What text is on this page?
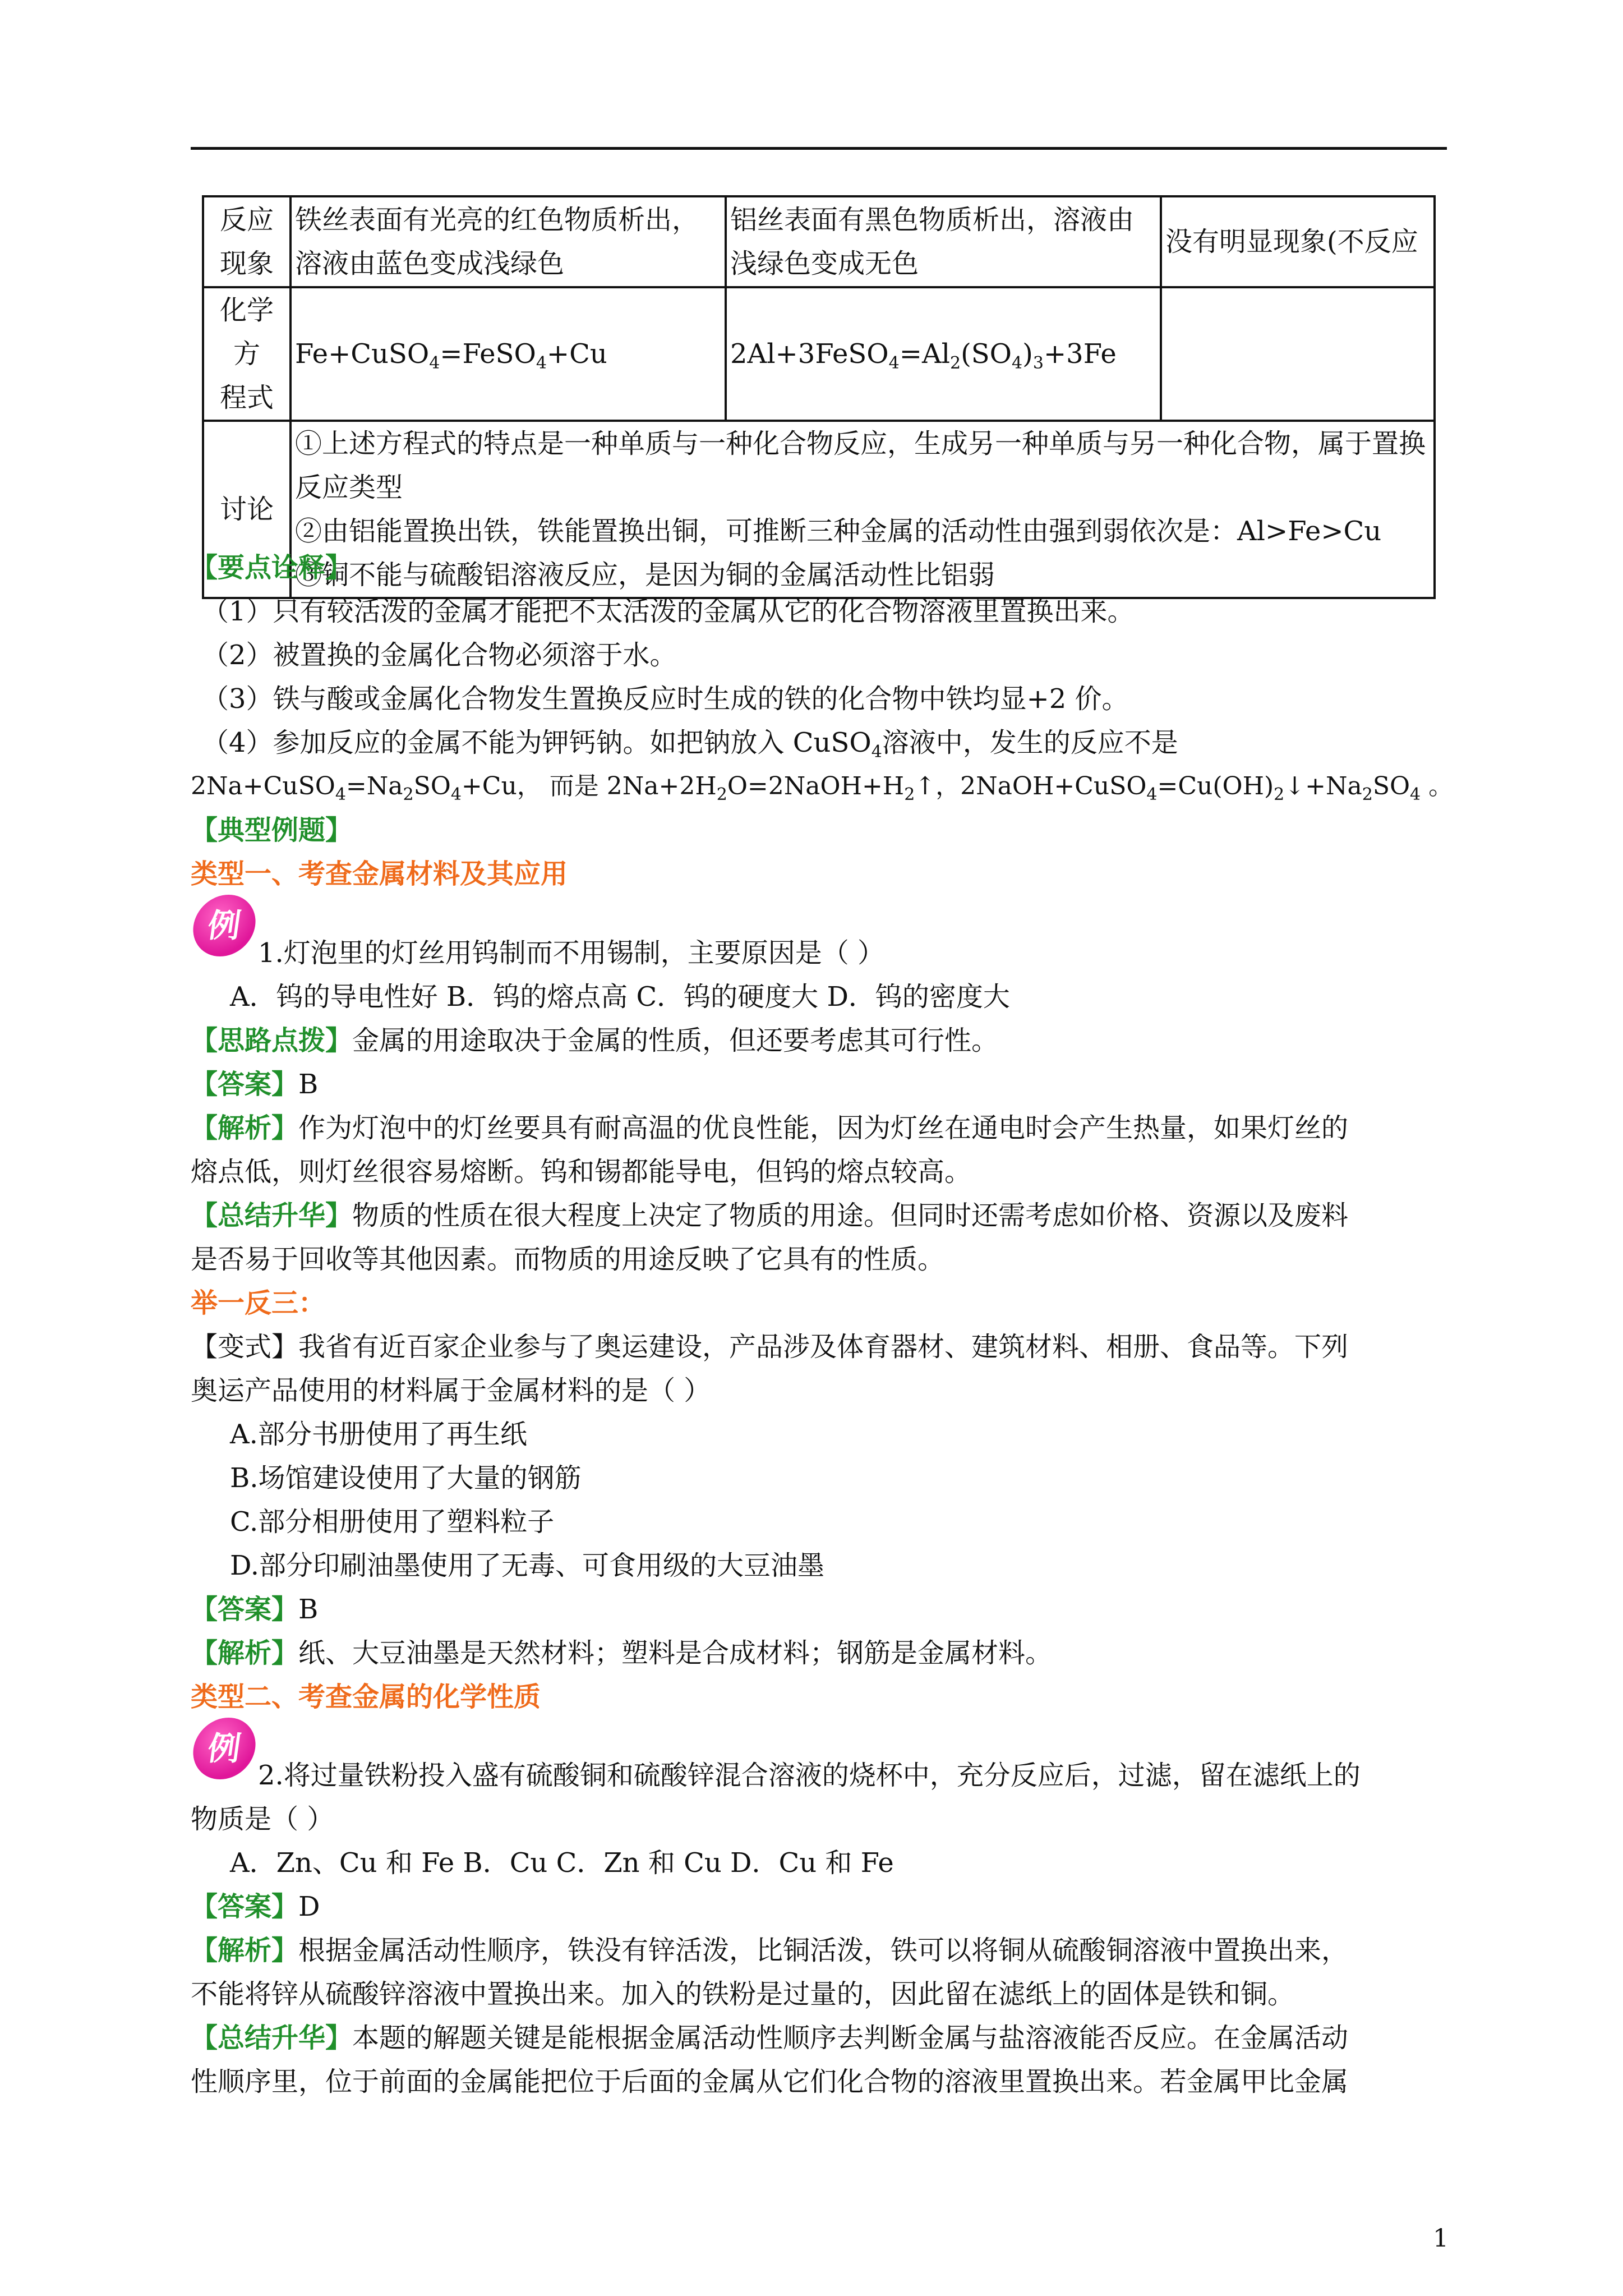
反应
现象	铁丝表面有光亮的红色物质析出，溶液由蓝色变成浅绿色	铝丝表面有黑色物质析出，溶液由浅绿色变成无色	没有明显现象(不反应
化学方
程式	Fe+CuSO$_4$=FeSO$_4$+Cu	$2Al+3FeSO_4=Al_2(SO_4)_3+3Fe$	
讨论	①上述方程式的特点是一种单质与一种化合物反应，生成另一种单质与另一种化合物，属于置换反应类型
②由铝能置换出铁，铁能置换出铜，可推断三种金属的活动性由强到弱依次是：Al>Fe>Cu
③铜不能与硫酸铝溶液反应，是因为铜的金属活动性比铝弱		
【要点诠释】
（1）只有较活泼的金属才能把不太活泼的金属从它的化合物溶液里置换出来。
（2）被置换的金属化合物必须溶于水。
（3）铁与酸或金属化合物发生置换反应时生成的铁的化合物中铁均显+2 价。
（4）参加反应的金属不能为钾钙钠。如把钠放入 CuSO$_4$溶液中，发生的反应不是
$2Na+CuSO_4=Na_2SO_4+Cu$， 而是 $2Na+2H_2O=2NaOH+H_2↑$，$2NaOH+CuSO_4=Cu(OH)_2↓+Na_2SO_4$ 。
【典型例题】
类型一、考查金属材料及其应用
例
1.灯泡里的灯丝用钨制而不用锡制，主要原因是（ ）
A．钨的导电性好 B．钨的熔点高 C．钨的硬度大 D．钨的密度大
【思路点拨】金属的用途取决于金属的性质，但还要考虑其可行性。
【答案】B
【解析】作为灯泡中的灯丝要具有耐高温的优良性能，因为灯丝在通电时会产生热量，如果灯丝的
熔点低，则灯丝很容易熔断。钨和锡都能导电，但钨的熔点较高。
【总结升华】物质的性质在很大程度上决定了物质的用途。但同时还需考虑如价格、资源以及废料
是否易于回收等其他因素。而物质的用途反映了它具有的性质。
举一反三：
【变式】我省有近百家企业参与了奥运建设，产品涉及体育器材、建筑材料、相册、食品等。下列
奥运产品使用的材料属于金属材料的是（ ）
A.部分书册使用了再生纸
B.场馆建设使用了大量的钢筋
C.部分相册使用了塑料粒子
D.部分印刷油墨使用了无毒、可食用级的大豆油墨
【答案】B
【解析】纸、大豆油墨是天然材料；塑料是合成材料；钢筋是金属材料。
类型二、考查金属的化学性质
例
2.将过量铁粉投入盛有硫酸铜和硫酸锌混合溶液的烧杯中，充分反应后，过滤，留在滤纸上的
物质是（ ）
A．Zn、Cu 和 Fe B．Cu C．Zn 和 Cu D．Cu 和 Fe
【答案】D
【解析】根据金属活动性顺序，铁没有锌活泼，比铜活泼，铁可以将铜从硫酸铜溶液中置换出来，
不能将锌从硫酸锌溶液中置换出来。加入的铁粉是过量的，因此留在滤纸上的固体是铁和铜。
【总结升华】本题的解题关键是能根据金属活动性顺序去判断金属与盐溶液能否反应。在金属活动
性顺序里，位于前面的金属能把位于后面的金属从它们化合物的溶液里置换出来。若金属甲比金属
1
